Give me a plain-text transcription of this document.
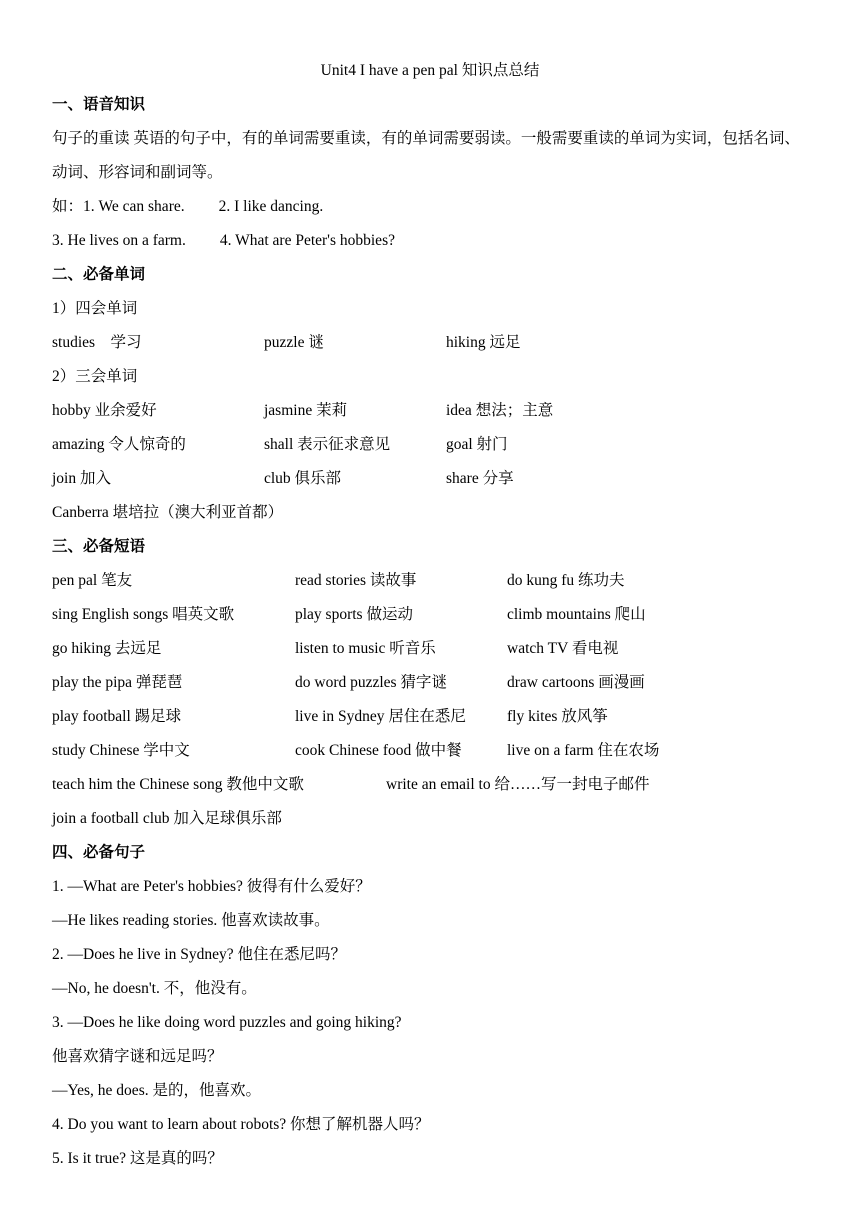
Unit4 I have a pen pal 知识点总结
一、语音知识
句子的重读 英语的句子中，有的单词需要重读，有的单词需要弱读。一般需要重读的单词为实词，包括名词、动词、形容词和副词等。
如：1. We can share. 2. I like dancing.
3. He lives on a farm. 4. What are Peter's hobbies?
二、必备单词
1）四会单词
studies　学习	puzzle 谜	hiking 远足
2）三会单词
hobby 业余爱好	jasmine 茉莉	idea 想法；主意
amazing 令人惊奇的	shall 表示征求意见	goal 射门
join 加入	club 俱乐部	share 分享
Canberra 堪培拉（澳大利亚首都）
三、必备短语
pen pal 笔友	read stories 读故事	do kung fu 练功夫
sing English songs 唱英文歌	play sports 做运动	climb mountains 爬山
go hiking 去远足	listen to music 听音乐	watch TV 看电视
play the pipa 弹琵琶	do word puzzles 猜字谜	draw cartoons 画漫画
play football 踢足球	live in Sydney 居住在悉尼	fly kites 放风筝
study Chinese 学中文	cook Chinese food 做中餐	live on a farm 住在农场
teach him the Chinese song 教他中文歌	write an email to 给……写一封电子邮件
join a football club 加入足球俱乐部
四、必备句子
1. —What are Peter's hobbies? 彼得有什么爱好？
—He likes reading stories. 他喜欢读故事。
2. —Does he live in Sydney? 他住在悉尼吗？
—No, he doesn't. 不，他没有。
3. —Does he like doing word puzzles and going hiking?
他喜欢猜字谜和远足吗？
—Yes, he does. 是的，他喜欢。
4. Do you want to learn about robots? 你想了解机器人吗？
5. Is it true? 这是真的吗？
